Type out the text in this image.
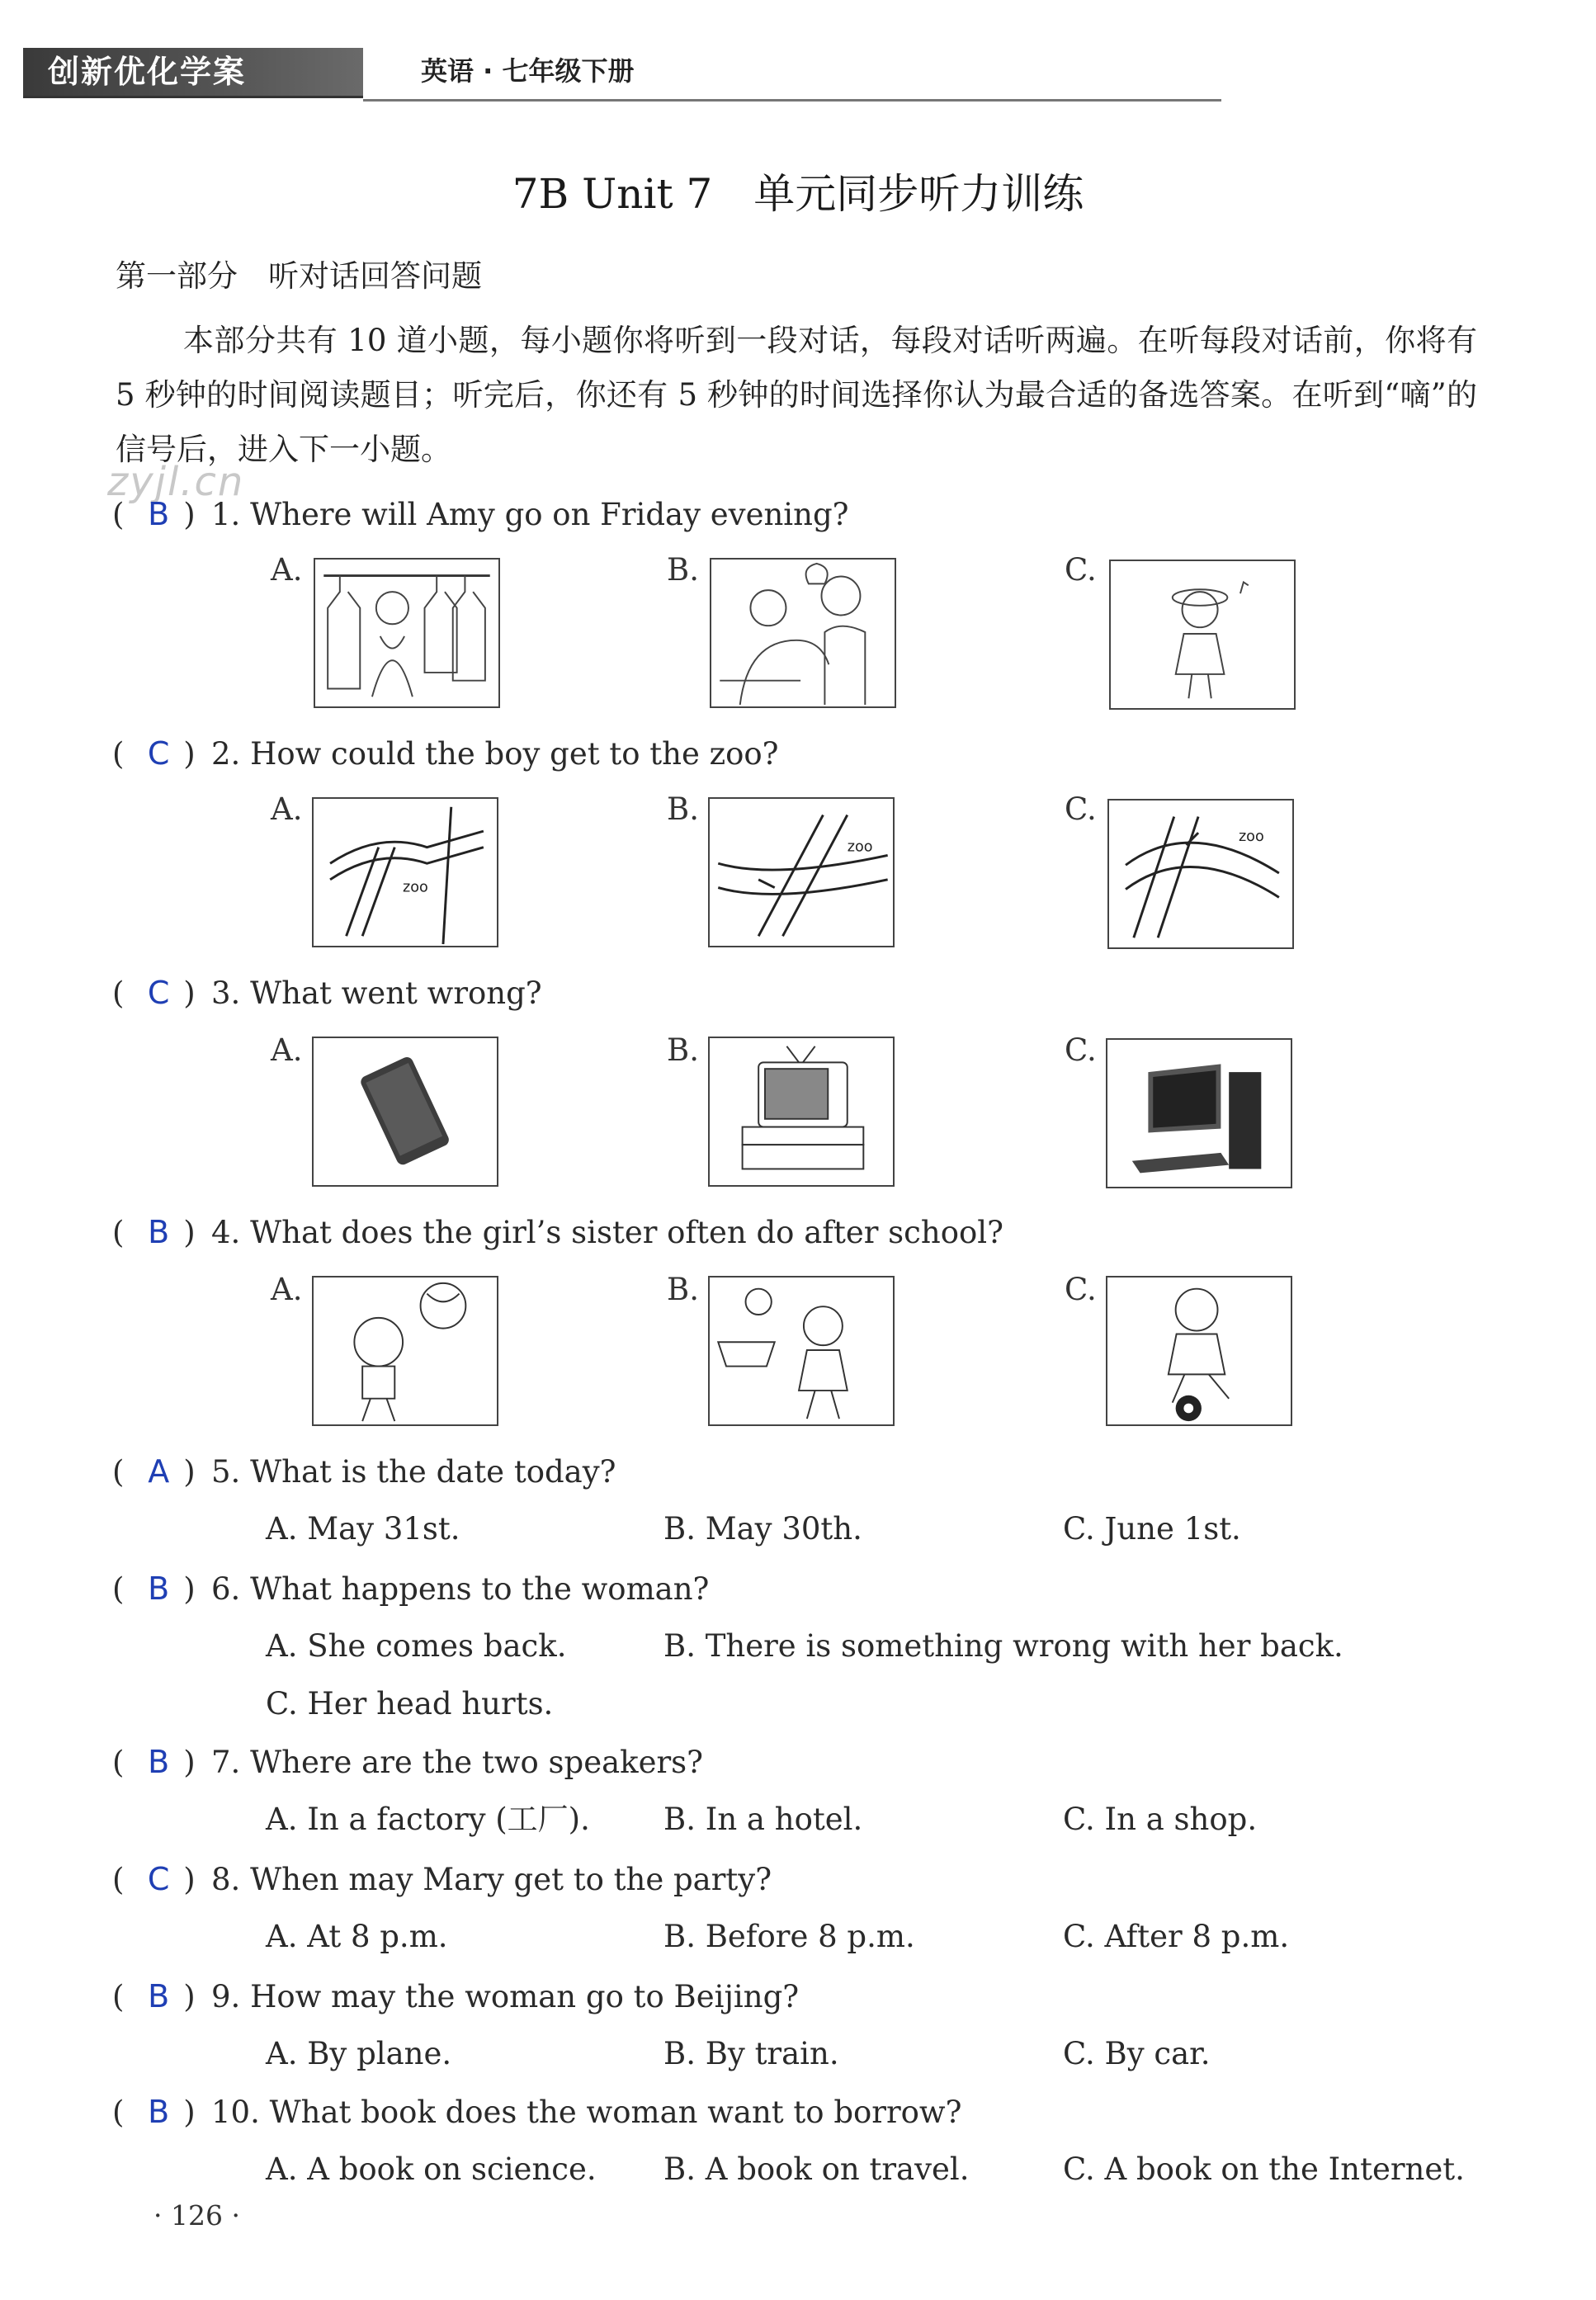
创新优化学案	英语 · 七年级下册
7B Unit 7　单元同步听力训练
第一部分　听对话回答问题
本部分共有 10 道小题，每小题你将听到一段对话，每段对话听两遍。在听每段对话前，你将有 5 秒钟的时间阅读题目；听完后，你还有 5 秒钟的时间选择你认为最合适的备选答案。在听到“嘀”的信号后，进入下一小题。
zyjl.cn
( B ) 1. Where will Amy go on Friday evening?
A.	B.	C.
( C ) 2. How could the boy get to the zoo?
A.
zoo
B.
zoo
C.
zoo
( C ) 3. What went wrong?
A.	B.	C.
( B ) 4. What does the girl’s sister often do after school?
A.	B.	C.
( A ) 5. What is the date today?
A. May 31st.	B. May 30th.	C. June 1st.
( B ) 6. What happens to the woman?
A. She comes back.	B. There is something wrong with her back.
C. Her head hurts.
( B ) 7. Where are the two speakers?
A. In a factory (工厂). B. In a hotel.	C. In a shop.
( C ) 8. When may Mary get to the party?
A. At 8 p.m.	B. Before 8 p.m.	C. After 8 p.m.
( B ) 9. How may the woman go to Beijing?
A. By plane.	B. By train.	C. By car.
( B ) 10. What book does the woman want to borrow?
A. A book on science. B. A book on travel.	C. A book on the Internet.
· 126 ·
